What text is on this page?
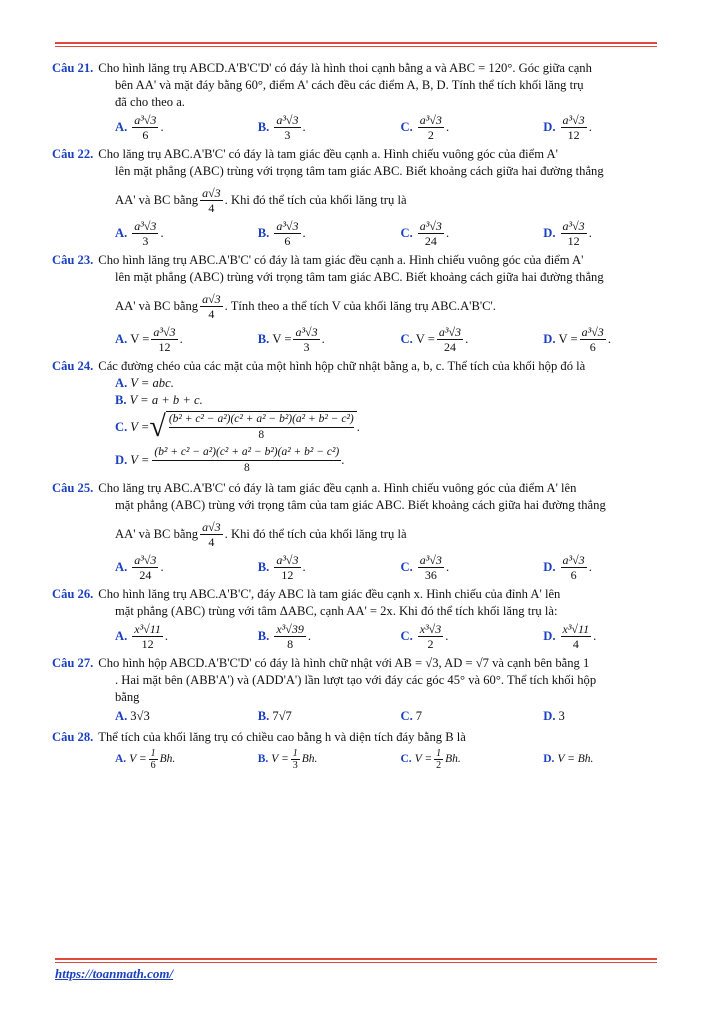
Câu 21. Cho hình lăng trụ ABCD.A'B'C'D' có đáy là hình thoi cạnh bằng a và ABC = 120°. Góc giữa cạnh
bên AA' và mặt đáy bằng 60°, điểm A' cách đều các điểm A, B, D. Tính thể tích khối lăng trụ
đã cho theo a.
A. $\frac{\text{a³√3}}{6}$ .	B. $\frac{\text{a³√3}}{3}$ .	C. $\frac{\text{a³√3}}{2}$ .	D. $\frac{\text{a³√3}}{12}$ .
Câu 22. Cho lăng trụ ABC.A'B'C' có đáy là tam giác đều cạnh a. Hình chiếu vuông góc của điểm A'
lên mặt phẳng (ABC) trùng với trọng tâm tam giác ABC. Biết khoảng cách giữa hai đường thẳng
AA' và BC bằng $\frac{a√3}{4}$ . Khi đó thể tích của khối lăng trụ là
A. $\frac{\text{a³√3}}{3}$ .	B. $\frac{\text{a³√3}}{6}$ .	C. $\frac{\text{a³√3}}{24}$ .	D. $\frac{\text{a³√3}}{12}$ .
Câu 23. Cho hình lăng trụ ABC.A'B'C' có đáy là tam giác đều cạnh a. Hình chiếu vuông góc của điểm A'
lên mặt phẳng (ABC) trùng với trọng tâm tam giác ABC. Biết khoảng cách giữa hai đường thẳng
AA' và BC bằng $\frac{a√3}{4}$ . Tính theo a thể tích V của khối lăng trụ ABC.A'B'C'.
A. $V = \frac{\text{a³√3}}{12}$ .	B. $V = \frac{\text{a³√3}}{3}$ .	C. $V = \frac{\text{a³√3}}{24}$ .	D. $V = \frac{\text{a³√3}}{6}$ .
Câu 24. Các đường chéo của các mặt của một hình hộp chữ nhật bằng a, b, c. Thể tích của khối hộp đó là
A. V = abc.
B. V = a + b + c.
C. V = √ $\frac{\text{(b² + c² − a²)(c² + a² − b²)(a² + b² − c²)}}{8}$ .
D. $V = \frac{\text{(b² + c² − a²)(c² + a² − b²)(a² + b² − c²)}}{8}$ .
Câu 25. Cho lăng trụ ABC.A'B'C' có đáy là tam giác đều cạnh a. Hình chiếu vuông góc của điểm A' lên
mặt phẳng (ABC) trùng với trọng tâm của tam giác ABC. Biết khoảng cách giữa hai đường thẳng
AA' và BC bằng $\frac{a√3}{4}$ . Khi đó thể tích của khối lăng trụ là
A. $\frac{\text{a³√3}}{24}$ .	B. $\frac{\text{a³√3}}{12}$ .	C. $\frac{\text{a³√3}}{36}$ .	D. $\frac{\text{a³√3}}{6}$ .
Câu 26. Cho hình lăng trụ ABC.A'B'C', đáy ABC là tam giác đều cạnh x. Hình chiếu của đỉnh A' lên
mặt phẳng (ABC) trùng với tâm ΔABC, cạnh AA' = 2x. Khi đó thể tích khối lăng trụ là:
A. $\frac{\text{x³√11}}{12}$ .	B. $\frac{\text{x³√39}}{8}$ .	C. $\frac{\text{x³√3}}{2}$ .	D. $\frac{\text{x³√11}}{4}$ .
Câu 27. Cho hình hộp ABCD.A'B'C'D' có đáy là hình chữ nhật với AB = √3, AD = √7 và cạnh bên bằng 1
. Hai mặt bên (ABB'A') và (ADD'A') lần lượt tạo với đáy các góc 45° và 60°. Thể tích khối hộp
bằng
A. 3√3	B. 7√7	C. 7	D. 3
Câu 28. Thể tích của khối lăng trụ có chiều cao bằng h và diện tích đáy bằng B là
A. $V = \frac{1}{6} Bh$.	B. $V = \frac{1}{3} Bh$.	C. $V = \frac{1}{2} Bh$.	D. V = Bh.
https://toanmath.com/
